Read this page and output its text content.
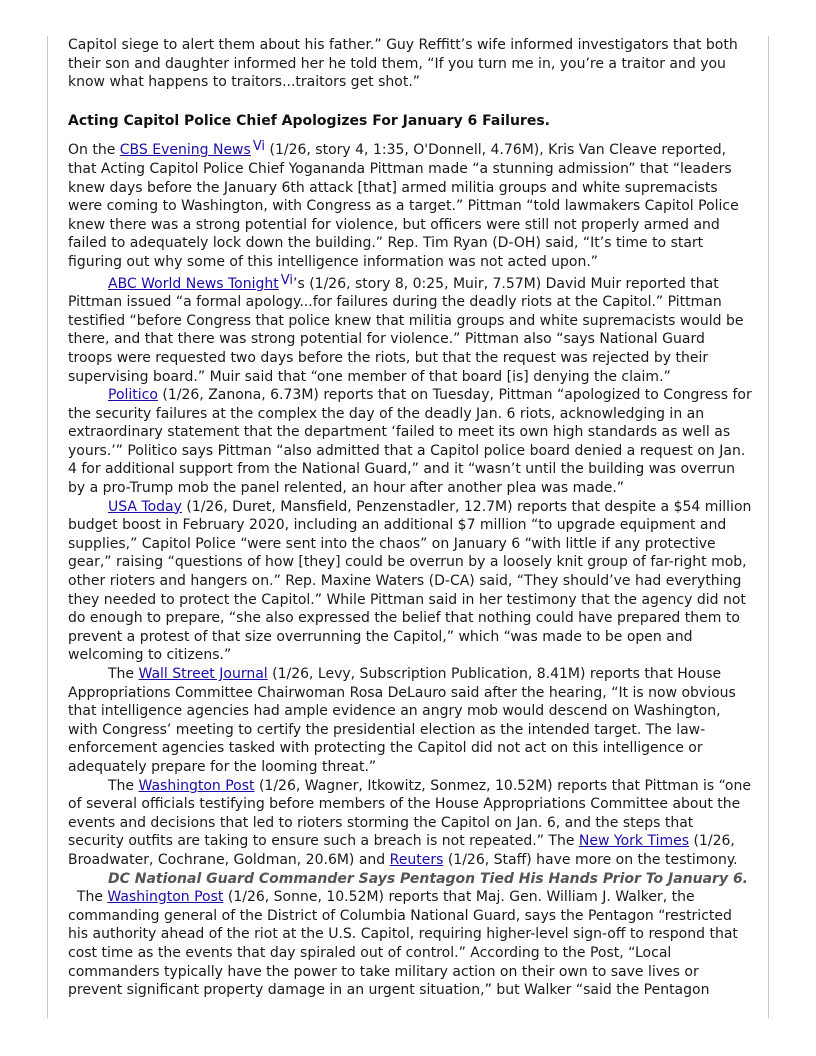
Capitol siege to alert them about his father.” Guy Reffitt’s wife informed investigators that both their son and daughter informed her he told them, “If you turn me in, you’re a traitor and you know what happens to traitors...traitors get shot.”

Acting Capitol Police Chief Apologizes For January 6 Failures.

On the CBS Evening News Vi (1/26, story 4, 1:35, O'Donnell, 4.76M), Kris Van Cleave reported, that Acting Capitol Police Chief Yogananda Pittman made “a stunning admission” that “leaders knew days before the January 6th attack [that] armed militia groups and white supremacists were coming to Washington, with Congress as a target.” Pittman “told lawmakers Capitol Police knew there was a strong potential for violence, but officers were still not properly armed and failed to adequately lock down the building.” Rep. Tim Ryan (D-OH) said, “It’s time to start figuring out why some of this intelligence information was not acted upon.”

ABC World News Tonight Vi’s (1/26, story 8, 0:25, Muir, 7.57M) David Muir reported that Pittman issued “a formal apology...for failures during the deadly riots at the Capitol.” Pittman testified “before Congress that police knew that militia groups and white supremacists would be there, and that there was strong potential for violence.” Pittman also “says National Guard troops were requested two days before the riots, but that the request was rejected by their supervising board.” Muir said that “one member of that board [is] denying the claim.”

Politico (1/26, Zanona, 6.73M) reports that on Tuesday, Pittman “apologized to Congress for the security failures at the complex the day of the deadly Jan. 6 riots, acknowledging in an extraordinary statement that the department ‘failed to meet its own high standards as well as yours.’” Politico says Pittman “also admitted that a Capitol police board denied a request on Jan. 4 for additional support from the National Guard,” and it “wasn’t until the building was overrun by a pro-Trump mob the panel relented, an hour after another plea was made.”

USA Today (1/26, Duret, Mansfield, Penzenstadler, 12.7M) reports that despite a $54 million budget boost in February 2020, including an additional $7 million “to upgrade equipment and supplies,” Capitol Police “were sent into the chaos” on January 6 “with little if any protective gear,” raising “questions of how [they] could be overrun by a loosely knit group of far-right mob, other rioters and hangers on.” Rep. Maxine Waters (D-CA) said, “They should’ve had everything they needed to protect the Capitol.” While Pittman said in her testimony that the agency did not do enough to prepare, “she also expressed the belief that nothing could have prepared them to prevent a protest of that size overrunning the Capitol,” which “was made to be open and welcoming to citizens.”

The Wall Street Journal (1/26, Levy, Subscription Publication, 8.41M) reports that House Appropriations Committee Chairwoman Rosa DeLauro said after the hearing, “It is now obvious that intelligence agencies had ample evidence an angry mob would descend on Washington, with Congress’ meeting to certify the presidential election as the intended target. The law-enforcement agencies tasked with protecting the Capitol did not act on this intelligence or adequately prepare for the looming threat.”

The Washington Post (1/26, Wagner, Itkowitz, Sonmez, 10.52M) reports that Pittman is “one of several officials testifying before members of the House Appropriations Committee about the events and decisions that led to rioters storming the Capitol on Jan. 6, and the steps that security outfits are taking to ensure such a breach is not repeated.” The New York Times (1/26, Broadwater, Cochrane, Goldman, 20.6M) and Reuters (1/26, Staff) have more on the testimony.

DC National Guard Commander Says Pentagon Tied His Hands Prior To January 6.  The Washington Post (1/26, Sonne, 10.52M) reports that Maj. Gen. William J. Walker, the commanding general of the District of Columbia National Guard, says the Pentagon “restricted his authority ahead of the riot at the U.S. Capitol, requiring higher-level sign-off to respond that cost time as the events that day spiraled out of control.” According to the Post, “Local commanders typically have the power to take military action on their own to save lives or prevent significant property damage in an urgent situation,” but Walker “said the Pentagon
